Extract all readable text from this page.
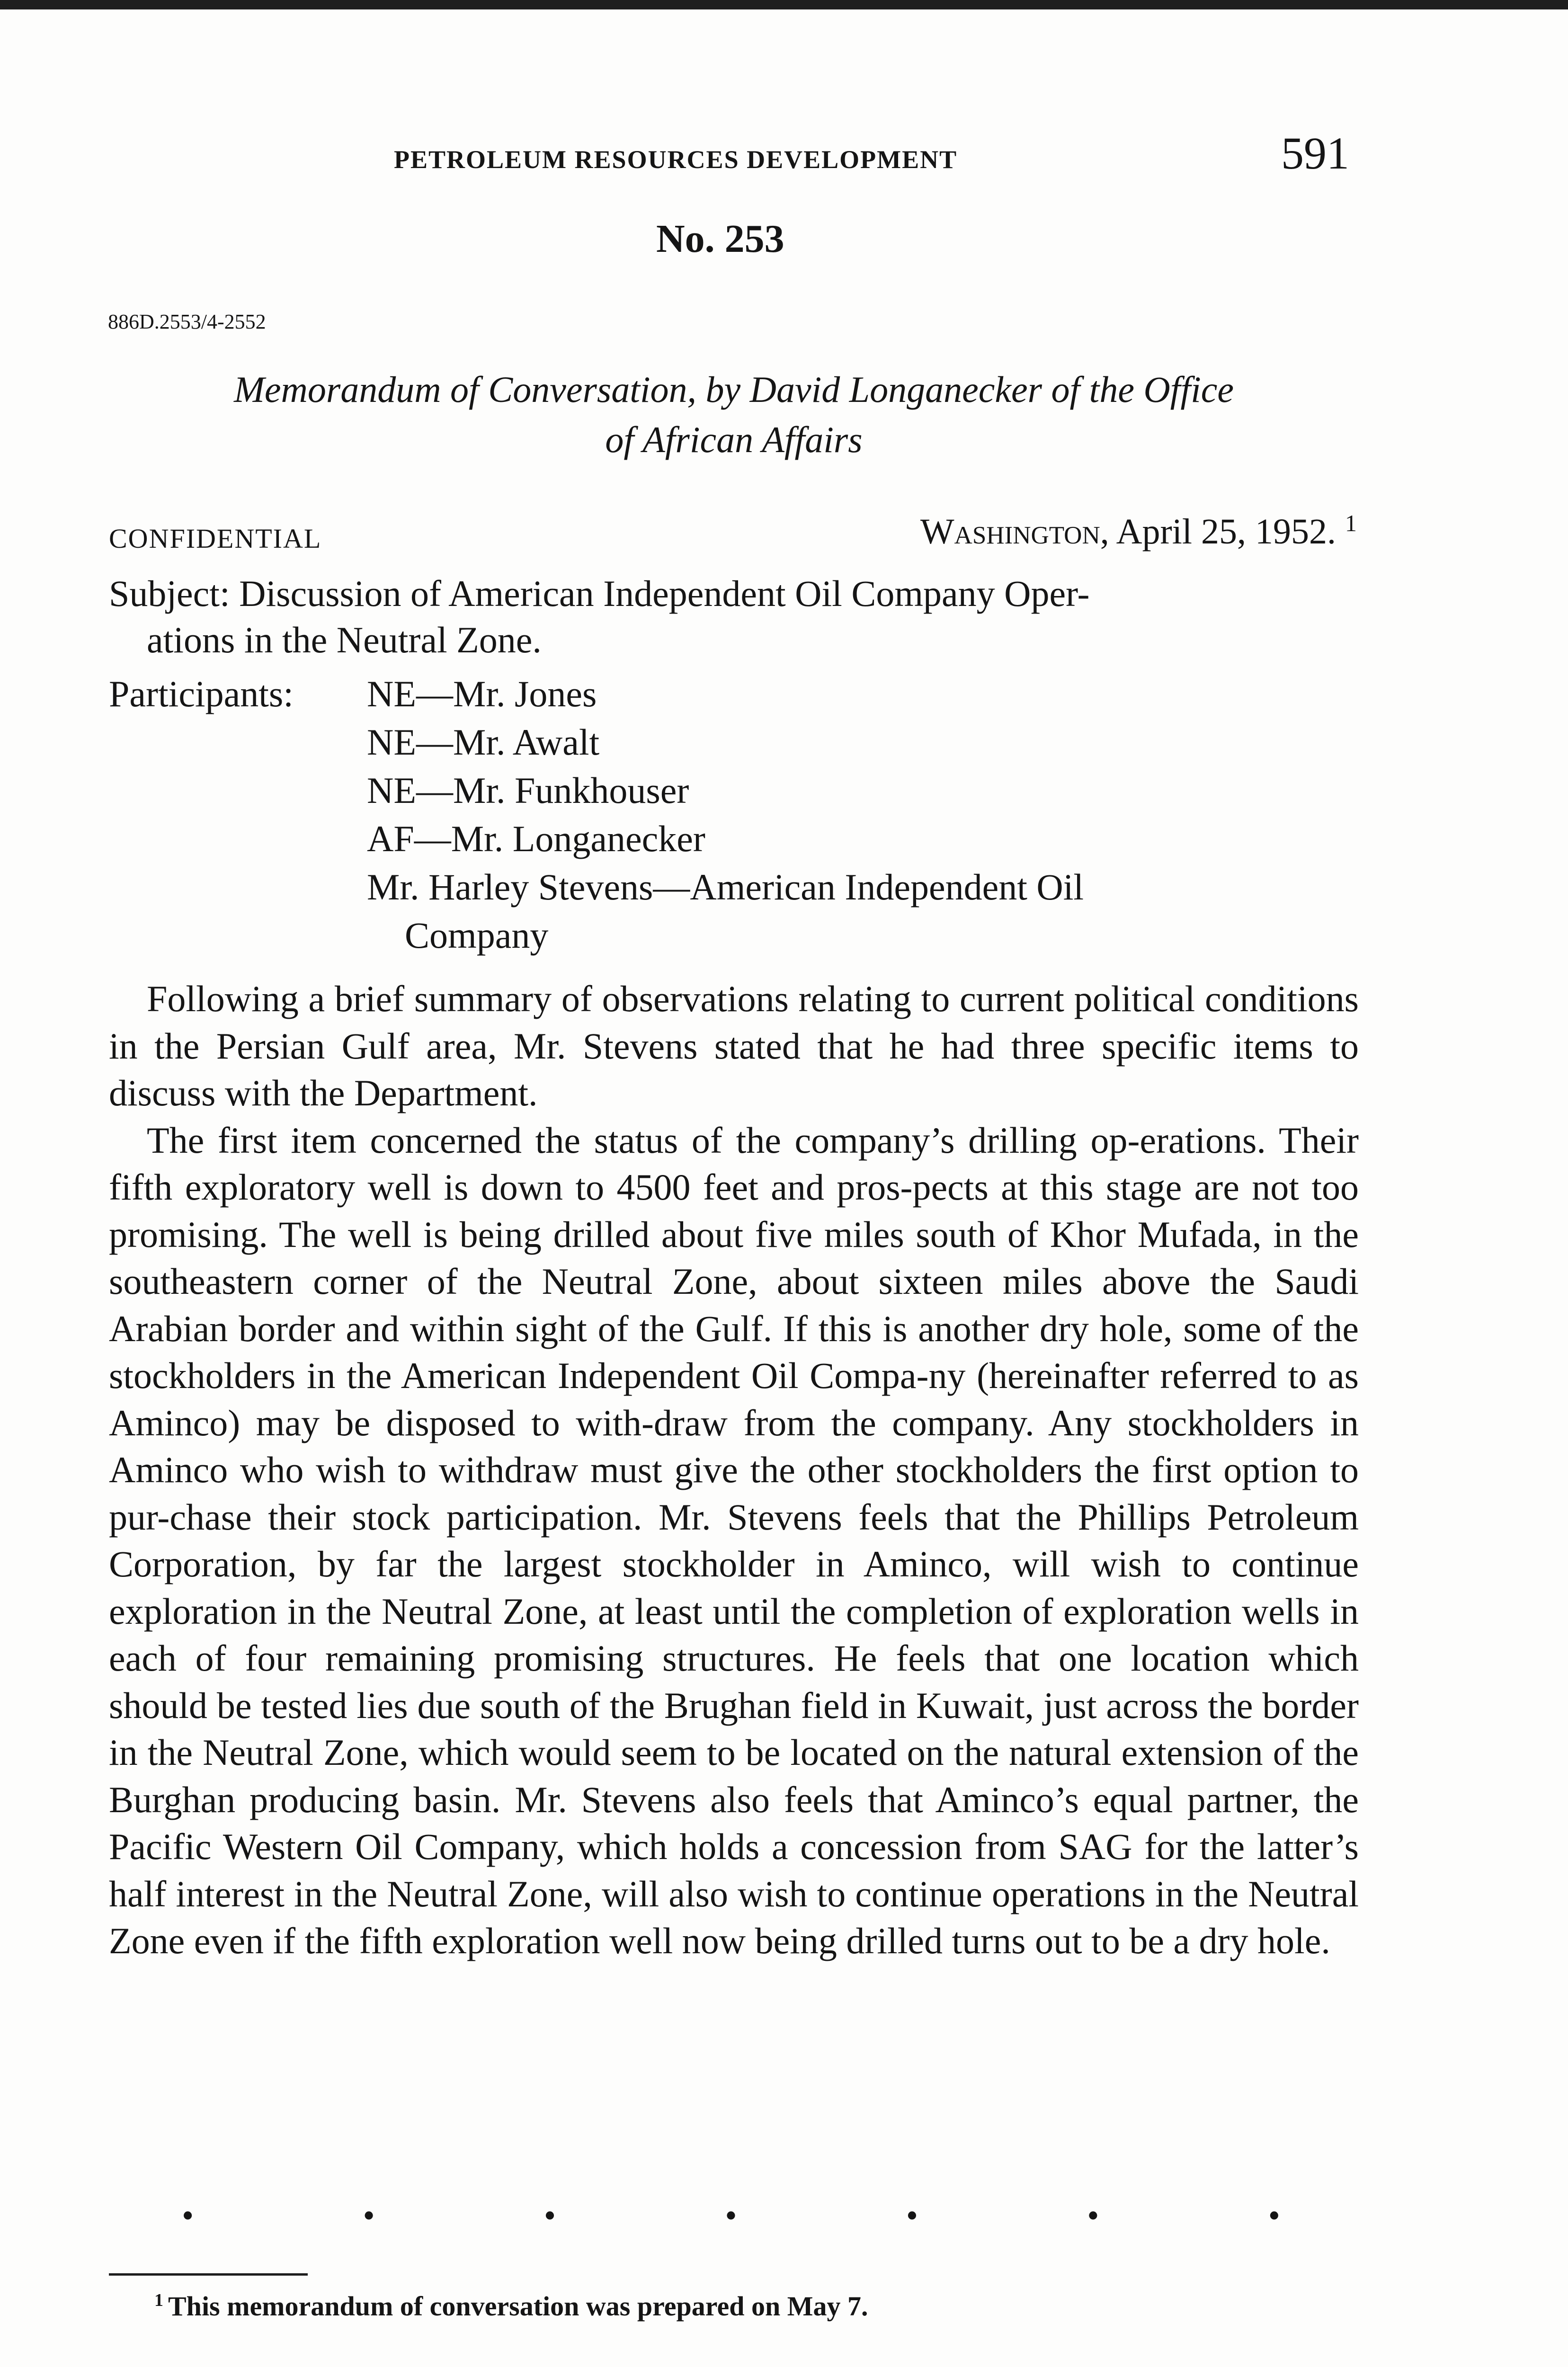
PETROLEUM RESOURCES DEVELOPMENT	591
No. 253
886D.2553/4-2552
Memorandum of Conversation, by David Longanecker of the Office
of African Affairs
CONFIDENTIAL	Washington, April 25, 1952. $^1$
Subject: Discussion of American Independent Oil Company Oper-
ations in the Neutral Zone.
Participants: NE—Mr. Jones
NE—Mr. Awalt
NE—Mr. Funkhouser
AF—Mr. Longanecker
Mr. Harley Stevens—American Independent Oil
Company

Following a brief summary of observations relating to current political conditions in the Persian Gulf area, Mr. Stevens stated that he had three specific items to discuss with the Department.

The first item concerned the status of the company’s drilling op-erations. Their fifth exploratory well is down to 4500 feet and pros-pects at this stage are not too promising. The well is being drilled about five miles south of Khor Mufada, in the southeastern corner of the Neutral Zone, about sixteen miles above the Saudi Arabian border and within sight of the Gulf. If this is another dry hole, some of the stockholders in the American Independent Oil Compa-ny (hereinafter referred to as Aminco) may be disposed to with-draw from the company. Any stockholders in Aminco who wish to withdraw must give the other stockholders the first option to pur-chase their stock participation. Mr. Stevens feels that the Phillips Petroleum Corporation, by far the largest stockholder in Aminco, will wish to continue exploration in the Neutral Zone, at least until the completion of exploration wells in each of four remaining promising structures. He feels that one location which should be tested lies due south of the Brughan field in Kuwait, just across the border in the Neutral Zone, which would seem to be located on the natural extension of the Burghan producing basin. Mr. Stevens also feels that Aminco’s equal partner, the Pacific Western Oil Company, which holds a concession from SAG for the latter’s half interest in the Neutral Zone, will also wish to continue operations in the Neutral Zone even if the fifth exploration well now being drilled turns out to be a dry hole.

•	•	•	•	•	•	•
$^1$ This memorandum of conversation was prepared on May 7.
